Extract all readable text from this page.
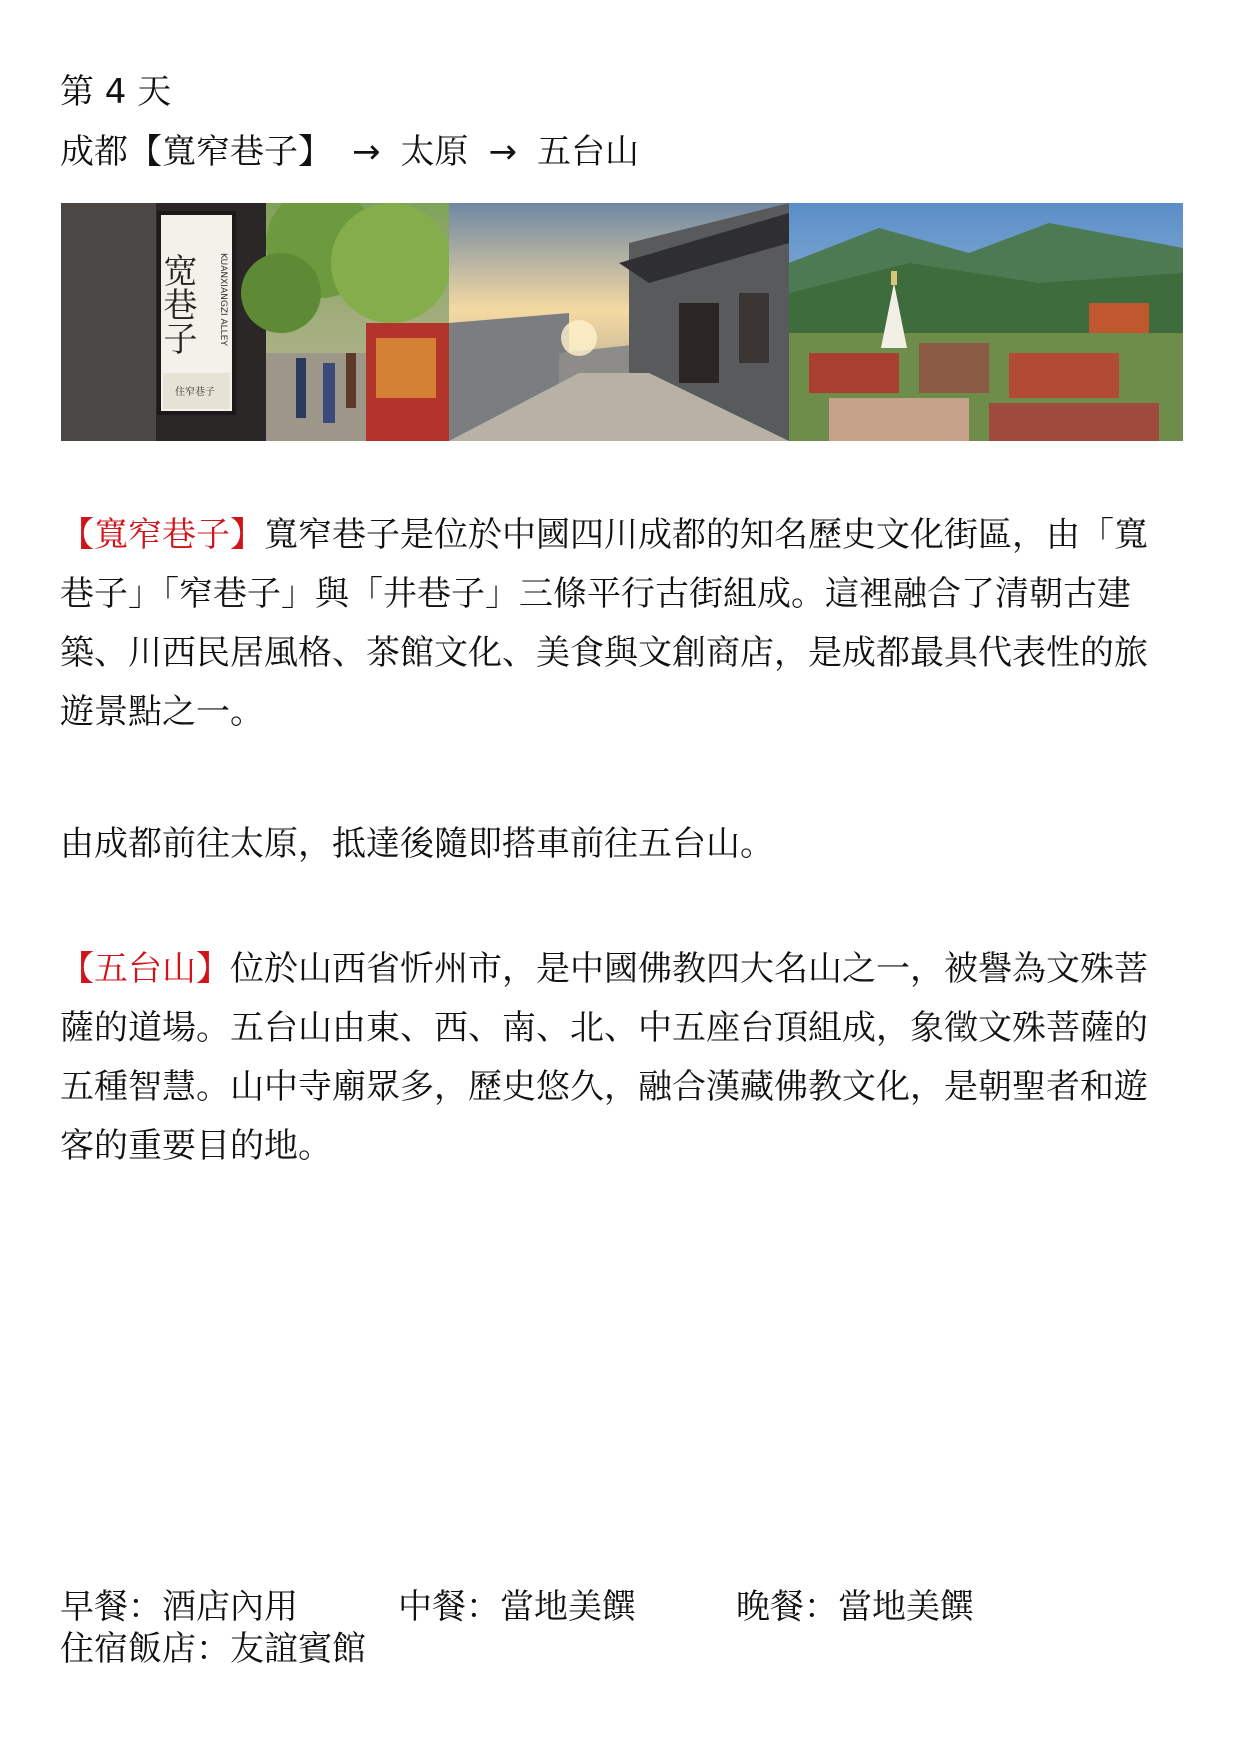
第 4 天
成都【寬窄巷子】 → 太原 → 五台山
宽巷子 KUANXIANGZI ALLEY
住窄巷子

【寬窄巷子】寬窄巷子是位於中國四川成都的知名歷史文化街區，由「寬巷子」「窄巷子」與「井巷子」三條平行古街組成。這裡融合了清朝古建築、川西民居風格、茶館文化、美食與文創商店，是成都最具代表性的旅遊景點之一。

由成都前往太原，抵達後隨即搭車前往五台山。

【五台山】位於山西省忻州市，是中國佛教四大名山之一，被譽為文殊菩薩的道場。五台山由東、西、南、北、中五座台頂組成，象徵文殊菩薩的五種智慧。山中寺廟眾多，歷史悠久，融合漢藏佛教文化，是朝聖者和遊客的重要目的地。

早餐：酒店內用	中餐：當地美饌	晚餐：當地美饌
住宿飯店：友誼賓館
